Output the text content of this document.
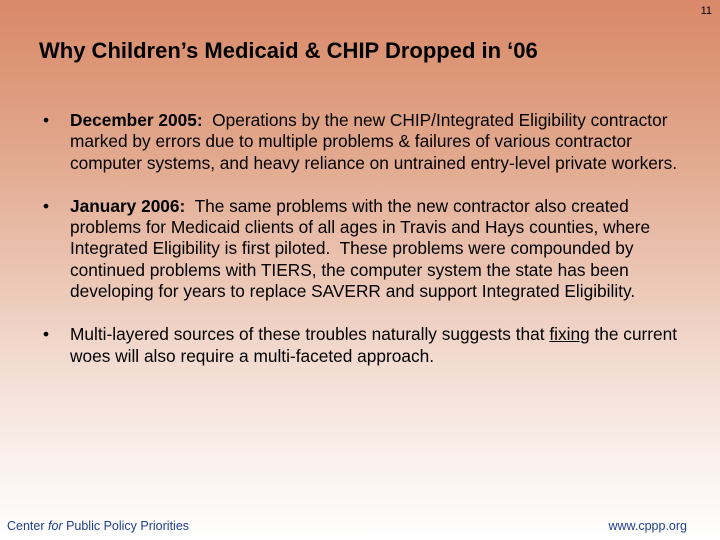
11
Why Children’s Medicaid & CHIP Dropped in ‘06
• December 2005:  Operations by the new CHIP/Integrated Eligibility contractor marked by errors due to multiple problems & failures of various contractor computer systems, and heavy reliance on untrained entry-level private workers.
• January 2006:  The same problems with the new contractor also created problems for Medicaid clients of all ages in Travis and Hays counties, where Integrated Eligibility is first piloted.  These problems were compounded by continued problems with TIERS, the computer system the state has been developing for years to replace SAVERR and support Integrated Eligibility.
• Multi-layered sources of these troubles naturally suggests that fixing the current woes will also require a multi-faceted approach.
Center for Public Policy Priorities	www.cppp.org
